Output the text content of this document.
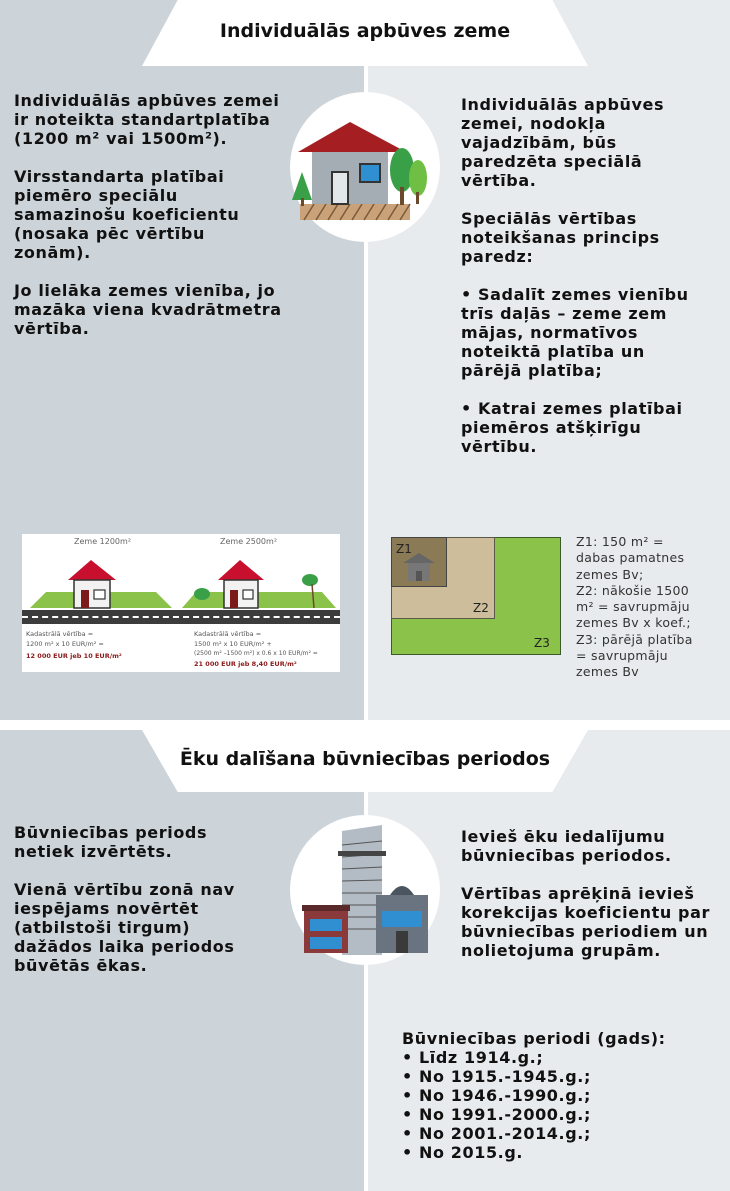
Individuālās apbūves zeme

Individuālās apbūves zemei ir noteikta standartplatība (1200 m² vai 1500m²).

Virsstandarta platībai piemēro speciālu samazinošu koeficientu (nosaka pēc vērtību zonām).

Jo lielāka zemes vienība, jo mazāka viena kvadrātmetra vērtība.

Individuālās apbūves zemei, nodokļa vajadzībām, būs paredzēta speciālā vērtība.

Speciālās vērtības noteikšanas princips paredz:

• Sadalīt zemes vienību trīs daļās – zeme zem mājas, normatīvos noteiktā platība un pārējā platība;

• Katrai zemes platībai piemēros atšķirīgu vērtību.

Zeme 1200m²	Zeme 2500m²
Kadastrālā vērtība =
1200 m² x 10 EUR/m² =
12 000 EUR jeb 10 EUR/m²
Kadastrālā vērtība =
1500 m² x 10 EUR/m² +
(2500 m² –1500 m²) x 0.6 x 10 EUR/m² =
21 000 EUR jeb 8,40 EUR/m²
Z1
Z2
Z3
Z1: 150 m² =
dabas pamatnes
zemes Bv;
Z2: nākošie 1500
m² = savrupmāju
zemes Bv x koef.;
Z3: pārējā platība
= savrupmāju
zemes Bv
Ēku dalīšana būvniecības periodos

Būvniecības periods netiek izvērtēts.

Vienā vērtību zonā nav iespējams novērtēt (atbilstoši tirgum) dažādos laika periodos būvētās ēkas.

Ievieš ēku iedalījumu būvniecības periodos.

Vērtības aprēķinā ievieš korekcijas koeficientu par būvniecības periodiem un nolietojuma grupām.

Būvniecības periodi (gads):
• Līdz 1914.g.;
• No 1915.-1945.g.;
• No 1946.-1990.g.;
• No 1991.-2000.g.;
• No 2001.-2014.g.;
• No 2015.g.
